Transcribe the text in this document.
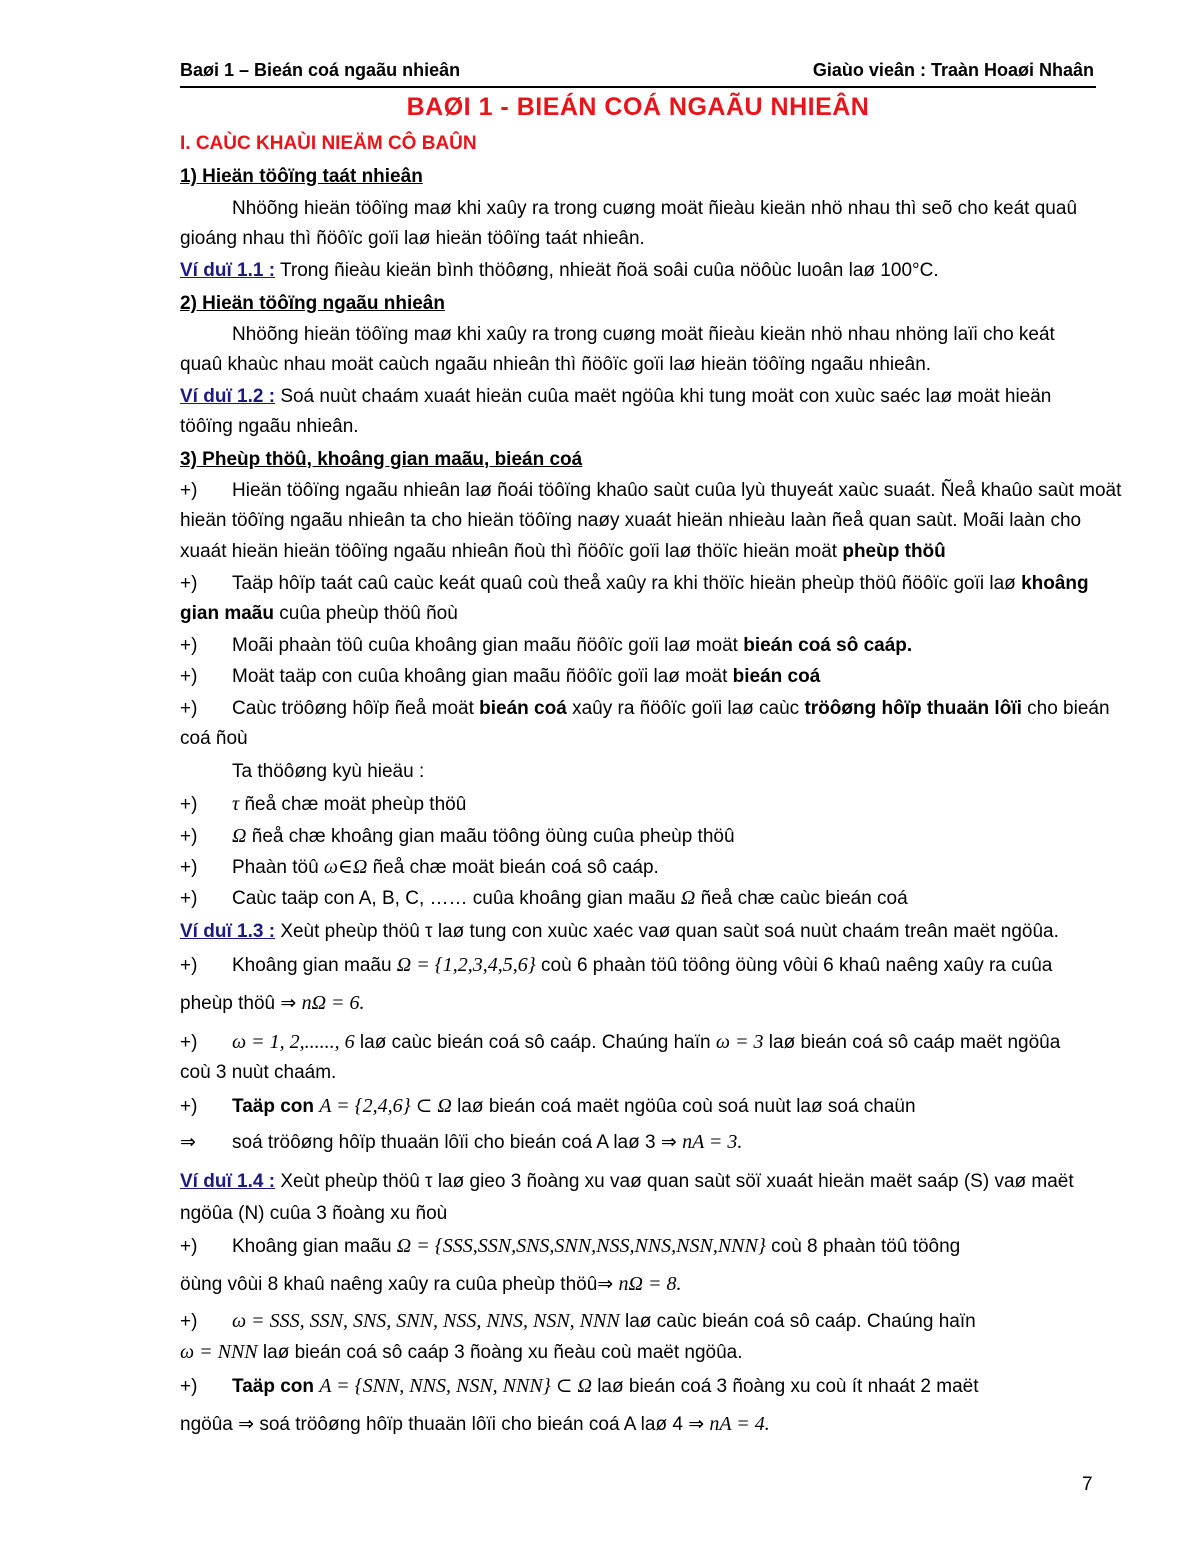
Baøi 1 – Bieán coá ngaãu nhieân	Giaùo vieân : Traàn Hoaøi Nhaân
BAØI 1 - BIEÁN COÁ NGAÃU NHIEÂN
I. CAÙC KHAÙI NIEÄM CÔ BAÛN
1) Hieän töôïng taát nhieân
Nhöõng hieän töôïng maø khi xaûy ra trong cuøng moät ñieàu kieän nhö nhau thì seõ cho keát quaû
gioáng nhau thì ñöôïc goïi laø hieän töôïng taát nhieân.
Ví duï 1.1 : Trong ñieàu kieän bình thöôøng, nhieät ñoä soâi cuûa nöôùc luoân laø 100°C.
2) Hieän töôïng ngaãu nhieân
Nhöõng hieän töôïng maø khi xaûy ra trong cuøng moät ñieàu kieän nhö nhau nhöng laïi cho keát
quaû khaùc nhau moät caùch ngaãu nhieân thì ñöôïc goïi laø hieän töôïng ngaãu nhieân.
Ví duï 1.2 : Soá nuùt chaám xuaát hieän cuûa maët ngöûa khi tung moät con xuùc saéc laø moät hieän
töôïng ngaãu nhieân.
3) Pheùp thöû, khoâng gian maãu, bieán coá
+) Hieän töôïng ngaãu nhieân laø ñoái töôïng khaûo saùt cuûa lyù thuyeát xaùc suaát. Ñeå khaûo saùt moät
hieän töôïng ngaãu nhieân ta cho hieän töôïng naøy xuaát hieän nhieàu laàn ñeå quan saùt. Moãi laàn cho
xuaát hieän hieän töôïng ngaãu nhieân ñoù thì ñöôïc goïi laø thöïc hieän moät pheùp thöû
+) Taäp hôïp taát caû caùc keát quaû coù theå xaûy ra khi thöïc hieän pheùp thöû ñöôïc goïi laø khoâng
gian maãu cuûa pheùp thöû ñoù
+) Moãi phaàn töû cuûa khoâng gian maãu ñöôïc goïi laø moät bieán coá sô caáp.
+) Moät taäp con cuûa khoâng gian maãu ñöôïc goïi laø moät bieán coá
+) Caùc tröôøng hôïp ñeå moät bieán coá xaûy ra ñöôïc goïi laø caùc tröôøng hôïp thuaän lôïi cho bieán
coá ñoù
Ta thöôøng kyù hieäu :
+) τ ñeå chæ moät pheùp thöû
+) Ω ñeå chæ khoâng gian maãu töông öùng cuûa pheùp thöû
+) Phaàn töû ω∈Ω ñeå chæ moät bieán coá sô caáp.
+) Caùc taäp con A, B, C, …… cuûa khoâng gian maãu Ω ñeå chæ caùc bieán coá
Ví duï 1.3 : Xeùt pheùp thöû τ laø tung con xuùc xaéc vaø quan saùt soá nuùt chaám treân maët ngöûa.
+) Khoâng gian maãu Ω = {1,2,3,4,5,6} coù 6 phaàn töû töông öùng vôùi 6 khaû naêng xaûy ra cuûa
pheùp thöû ⇒ nΩ = 6.
+) ω = 1, 2,......, 6 laø caùc bieán coá sô caáp. Chaúng haïn ω = 3 laø bieán coá sô caáp maët ngöûa
coù 3 nuùt chaám.
+) Taäp con A = {2,4,6} ⊂ Ω laø bieán coá maët ngöûa coù soá nuùt laø soá chaün
⇒ soá tröôøng hôïp thuaän lôïi cho bieán coá A laø 3 ⇒ nA = 3.
Ví duï 1.4 : Xeùt pheùp thöû τ laø gieo 3 ñoàng xu vaø quan saùt söï xuaát hieän maët saáp (S) vaø maët
ngöûa (N) cuûa 3 ñoàng xu ñoù
+) Khoâng gian maãu Ω = {SSS,SSN,SNS,SNN,NSS,NNS,NSN,NNN} coù 8 phaàn töû töông
öùng vôùi 8 khaû naêng xaûy ra cuûa pheùp thöû⇒ nΩ = 8.
+) ω = SSS, SSN, SNS, SNN, NSS, NNS, NSN, NNN laø caùc bieán coá sô caáp. Chaúng haïn
ω = NNN laø bieán coá sô caáp 3 ñoàng xu ñeàu coù maët ngöûa.
+) Taäp con A = {SNN, NNS, NSN, NNN} ⊂ Ω laø bieán coá 3 ñoàng xu coù ít nhaát 2 maët
ngöûa ⇒ soá tröôøng hôïp thuaän lôïi cho bieán coá A laø 4 ⇒ nA = 4.
7
